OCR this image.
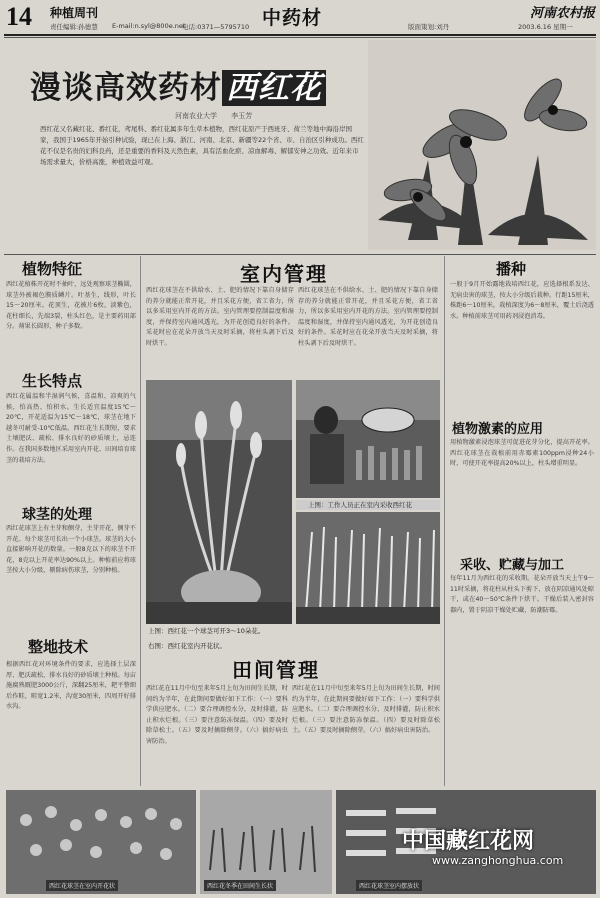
14 种植周刊
责任编辑:孙德慧 E-mail:n.syl@800e.net
电话:0371—5795710 中药材	版面策划:刘丹
河南农村报
2003.6.16 星期一
漫谈高效药材 西红花
河南农业大学 李玉芳
西红花又名藏红花、番红花，鸢尾科、番红花属多年生草本植物，西红花原产于西班牙、荷兰等地中海沿岸国家，我国于1965年开始引种试验，现已在上海、浙江、河南、北京、新疆等22个省、市、自治区引种成功。西红花不仅是名贵的妇科良药，还是重要的香料及天然色素，具有活血化瘀、凉血解毒、解郁安神之功效。近年来市场需求量大，价格高涨，种植效益可观。
植物特征
西红花植株开花时不抽叶，远处观察球茎椭圆，球茎外被褐色膜质鳞片。叶基生，线形，叶长15～20厘米。花顶生，花被片6枚，淡紫色，花柱细长，先端3裂，柱头红色，是主要药用部分。蒴果长圆形，种子多数。
生长特点
西红花属温和半湿润气候，喜温和、凉爽的气候，怕高热、怕积水。生长适宜温度15℃～20℃，开花适温为15℃～18℃，球茎在地下越冬可耐受-10℃低温。西红花生长期短，要求土壤肥沃、疏松、排水良好的砂质壤土，忌连作。在我国多数地区采用室内开花、田间培育球茎的栽培方法。
球茎的处理
西红花球茎上有主芽和侧芽，主芽开花，侧芽不开花。每个球茎可长出一个小球茎。球茎的大小直接影响开花的数量。一般8克以下的球茎不开花，8克以上开花率达90%以上。种植前应将球茎按大小分级，剔除病伤球茎，分别种植。
整地技术
根据西红花对环境条件的要求，应选择土层深厚、肥沃疏松、排水良好的砂质壤土种植。每亩施腐熟厩肥3000公斤，深翻25厘米，耙平整细后作畦，畦宽1.2米，沟宽30厘米，四周开好排水沟。
室内管理
西红花球茎在不供给水、土、肥的情况下靠自身储存的养分就能正常开花，并且采花方便，省工省力，所以多采用室内开花的方法。室内管理要控制温度和湿度，并保持室内通风透光，为开花创造良好的条件。采花时应在花朵开放当天及时采摘，将柱头剥下后及时烘干。
西红花球茎在不供给水、土、肥的情况下靠自身储存的养分就能正常开花，并且采花方便，省工省力，所以多采用室内开花的方法。室内管理要控制温度和湿度，并保持室内通风透光，为开花创造良好的条件。采花时应在花朵开放当天及时采摘，将柱头剥下后及时烘干。
上图：西红花一个球茎可开3～10朵花。
右图：西红花室内开花状。
上图：工作人员正在室内采收西红花
田间管理
西红花在11月中旬至来年5月上旬为田间生长期，时间约为半年，在此期间要做好如下工作：（一）要科学供应肥水。（二）要合理调控水分，及时排灌，防止积水烂根。（三）要注意防冻保温。（四）要及时除草松土。（五）要及时摘除侧芽。（六）搞好病虫害防治。
西红花在11月中旬至来年5月上旬为田间生长期，时间约为半年，在此期间要做好如下工作：（一）要科学供应肥水。（二）要合理调控水分，及时排灌，防止积水烂根。（三）要注意防冻保温。（四）要及时除草松土。（五）要及时摘除侧芽。（六）搞好病虫害防治。
播种
一般于9月开始露地栽培西红花，应选择根系发达、无病虫害的球茎，按大小分级后栽种。行距15厘米，株距6～10厘米，栽植深度为6～8厘米，覆土后浇透水。种植前球茎可用药剂浸泡消毒。
植物激素的应用
用植物激素浸泡球茎可促进花芽分化，提高开花率。西红花球茎在栽植前用赤霉素100ppm浸种24小时，可使开花率提高20%以上，柱头增重明显。
采收、贮藏与加工
每年11月为西红花的采收期。花朵开放当天上午9～11时采摘，将花柱从柱头下剪下，放在阴凉通风处晾干，或在40～50℃条件下烘干。干燥后装入密封容器内，置于阴凉干燥处贮藏，防潮防霉。
西红花球茎在室内开花状	西红花冬季在田间生长状	西红花球茎室内摆放状
中国藏红花网
www.zanghonghua.com
